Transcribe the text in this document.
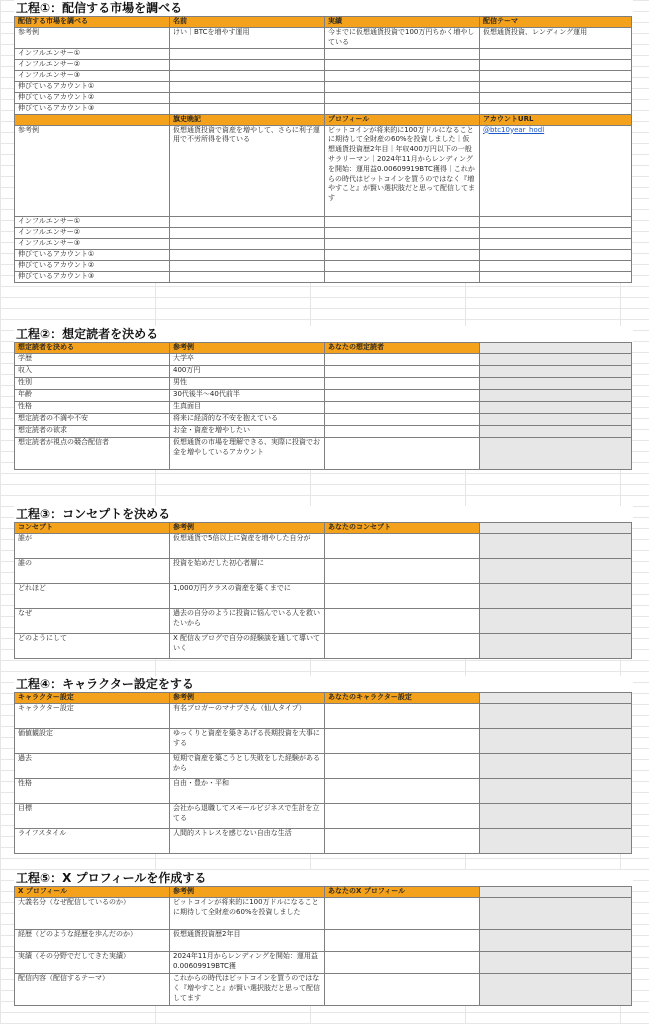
工程①：配信する市場を調べる
配信する市場を調べる	名前	実績	配信テーマ
参考例	けい｜BTCを増やす運用	今までに仮想通貨投資で100万円ちかく増やしている	仮想通貨投資、レンディング運用
インフルエンサー①			
インフルエンサー②			
インフルエンサー③			
伸びているアカウント①			
伸びているアカウント②			
伸びているアカウント③			
	旗史晩記	プロフィール	アカウントURL
参考例	仮想通貨投資で資産を増やして、さらに利子運用で不労所得を得ている	ビットコインが将来的に100万ドルになることに期待して全財産の60%を投資しました｜仮想通貨投資歴2年目｜年収400万円以下の一般サラリーマン｜2024年11月からレンディングを開始：運用益0.00609919BTC獲得｜これからの時代はビットコインを買うのではなく『増やすこと』が賢い選択肢だと思って配信してます	@btc10year_hodl
インフルエンサー①			
インフルエンサー②			
インフルエンサー③			
伸びているアカウント①			
伸びているアカウント②			
伸びているアカウント③			
工程②：想定読者を決める
想定読者を決める	参考例	あなたの想定読者	
学歴	大学卒		
収入	400万円		
性別	男性		
年齢	30代後半〜40代前半		
性格	生真面目		
想定読者の不満や不安	将来に経済的な不安を抱えている		
想定読者の欲求	お金・資産を増やしたい		
想定読者が視点の競合配信者	仮想通貨の市場を理解できる、実際に投資でお金を増やしているアカウント		
工程③：コンセプトを決める
コンセプト	参考例	あなたのコンセプト	
誰が	仮想通貨で5倍以上に資産を増やした自分が		
誰の	投資を始めだした初心者層に		
どれほど	1,000万円クラスの資産を築くまでに		
なぜ	過去の自分のように投資に悩んでいる人を救いたいから		
どのようにして	X 配信＆ブログで自分の経験談を通して導いていく		
工程④：キャラクター設定をする
キャラクター設定	参考例	あなたのキャラクター設定	
キャラクター設定	有名ブロガーのマナブさん（仙人タイプ）		
価値観設定	ゆっくりと資産を築きあげる長期投資を大事にする		
過去	短期で資産を築こうとし失敗をした経験があるから		
性格	自由・豊か・平和		
目標	会社から退職してスモールビジネスで生計を立てる		
ライフスタイル	人間的ストレスを感じない自由な生活		
工程⑤：X プロフィールを作成する
X プロフィール	参考例	あなたのX プロフィール	
大義名分（なぜ配信しているのか）	ビットコインが将来的に100万ドルになることに期待して全財産の60%を投資しました		
経歴（どのような経歴を歩んだのか）	仮想通貨投資歴2年目		
実績（その分野でだしてきた実績）	2024年11月からレンディングを開始：運用益0.00609919BTC獲		
配信内容（配信するテーマ）	これからの時代はビットコインを買うのではなく『増やすこと』が賢い選択肢だと思って配信してます		
